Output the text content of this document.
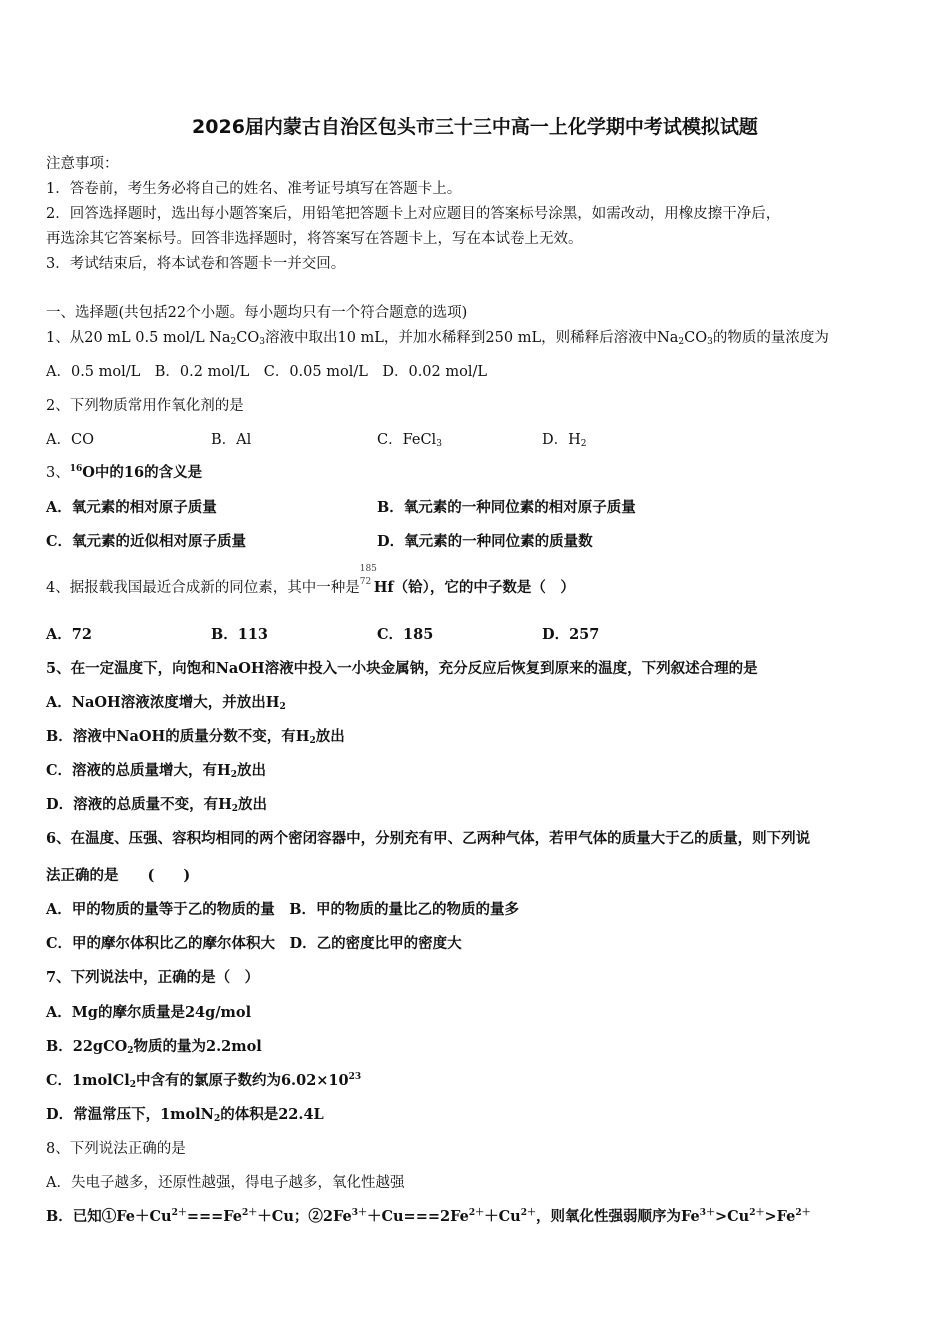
2026届内蒙古自治区包头市三十三中高一上化学期中考试模拟试题
注意事项：
1．答卷前，考生务必将自己的姓名、准考证号填写在答题卡上。
2．回答选择题时，选出每小题答案后，用铅笔把答题卡上对应题目的答案标号涂黑，如需改动，用橡皮擦干净后，
再选涂其它答案标号。回答非选择题时，将答案写在答题卡上，写在本试卷上无效。
3．考试结束后，将本试卷和答题卡一并交回。
一、选择题(共包括22个小题。每小题均只有一个符合题意的选项)
1、从20 mL 0.5 mol/L $Na_2CO_3$溶液中取出10 mL，并加水稀释到250 mL，则稀释后溶液中$Na_2CO_3$的物质的量浓度为
A．0.5 mol/L　B．0.2 mol/L　C．0.05 mol/L　D．0.02 mol/L
2、下列物质常用作氧化剂的是
A．CO	B．Al	C．FeCl$_3$	D．$H_2$
3、$^{16}$O中的16的含义是
A．氧元素的相对原子质量	B．氧元素的一种同位素的相对原子质量
C．氧元素的近似相对原子质量	D．氧元素的一种同位素的质量数
4、据报载我国最近合成新的同位素，其中一种是
185
72 Hf（铪），它的中子数是（　）
A．72	B．113	C．185	D．257
5、在一定温度下，向饱和NaOH溶液中投入一小块金属钠，充分反应后恢复到原来的温度，下列叙述合理的是
A．NaOH溶液浓度增大，并放出$H_2$
B．溶液中NaOH的质量分数不变，有$H_2$放出
C．溶液的总质量增大，有$H_2$放出
D．溶液的总质量不变，有$H_2$放出
6、在温度、压强、容积均相同的两个密闭容器中，分别充有甲、乙两种气体，若甲气体的质量大于乙的质量，则下列说
法正确的是　　(　　)
A．甲的物质的量等于乙的物质的量　B．甲的物质的量比乙的物质的量多
C．甲的摩尔体积比乙的摩尔体积大　D．乙的密度比甲的密度大
7、下列说法中，正确的是（　）
A．Mg的摩尔质量是24g/mol
B．22gCO$_2$物质的量为2.2mol
C．1molCl$_2$中含有的氯原子数约为$6.02\times 10^{23}$
D．常温常压下，1molN$_2$的体积是22.4L
8、下列说法正确的是
A．失电子越多，还原性越强，得电子越多，氧化性越强
B．已知$①Fe+Cu^{2+}===Fe^{2+}+Cu$；$②2Fe^{3+}+Cu===2Fe^{2+}+Cu^{2+}$，则氧化性强弱顺序为$Fe^{3+}>Cu^{2+}>Fe^{2+}$
